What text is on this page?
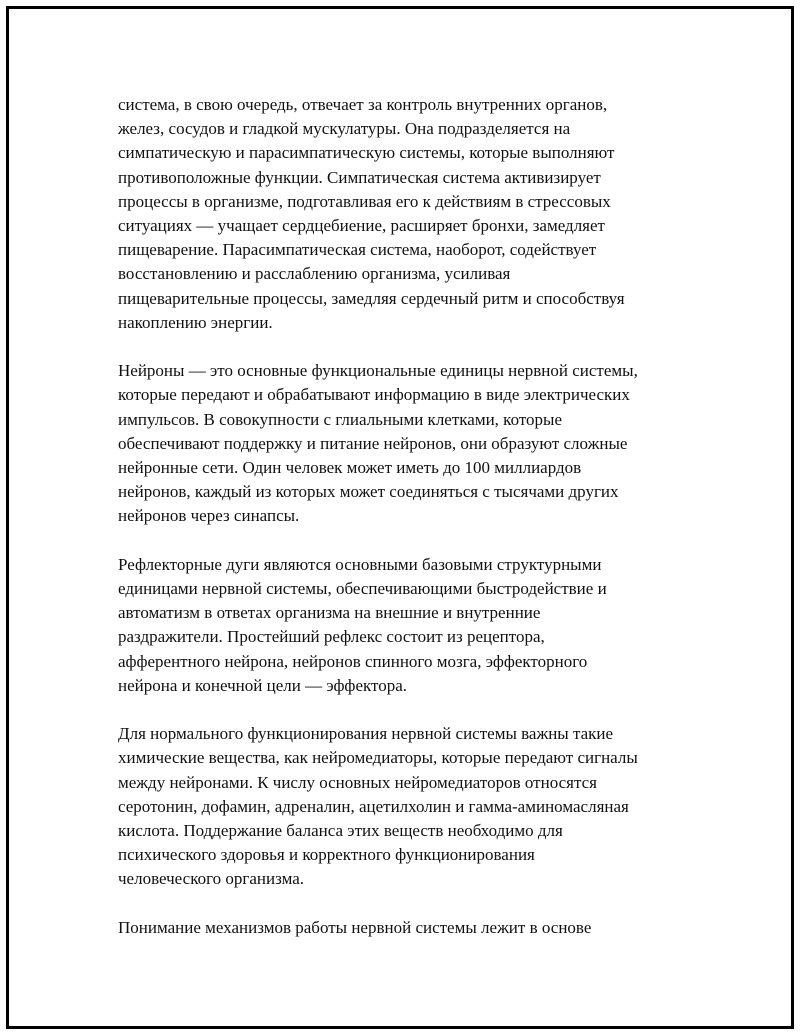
система, в свою очередь, отвечает за контроль внутренних органов,
желез, сосудов и гладкой мускулатуры. Она подразделяется на
симпатическую и парасимпатическую системы, которые выполняют
противоположные функции. Симпатическая система активизирует
процессы в организме, подготавливая его к действиям в стрессовых
ситуациях — учащает сердцебиение, расширяет бронхи, замедляет
пищеварение. Парасимпатическая система, наоборот, содействует
восстановлению и расслаблению организма, усиливая
пищеварительные процессы, замедляя сердечный ритм и способствуя
накоплению энергии.

Нейроны — это основные функциональные единицы нервной системы,
которые передают и обрабатывают информацию в виде электрических
импульсов. В совокупности с глиальными клетками, которые
обеспечивают поддержку и питание нейронов, они образуют сложные
нейронные сети. Один человек может иметь до 100 миллиардов
нейронов, каждый из которых может соединяться с тысячами других
нейронов через синапсы.

Рефлекторные дуги являются основными базовыми структурными
единицами нервной системы, обеспечивающими быстродействие и
автоматизм в ответах организма на внешние и внутренние
раздражители. Простейший рефлекс состоит из рецептора,
афферентного нейрона, нейронов спинного мозга, эффекторного
нейрона и конечной цели — эффектора.

Для нормального функционирования нервной системы важны такие
химические вещества, как нейромедиаторы, которые передают сигналы
между нейронами. К числу основных нейромедиаторов относятся
серотонин, дофамин, адреналин, ацетилхолин и гамма-аминомасляная
кислота. Поддержание баланса этих веществ необходимо для
психического здоровья и корректного функционирования
человеческого организма.

Понимание механизмов работы нервной системы лежит в основе
